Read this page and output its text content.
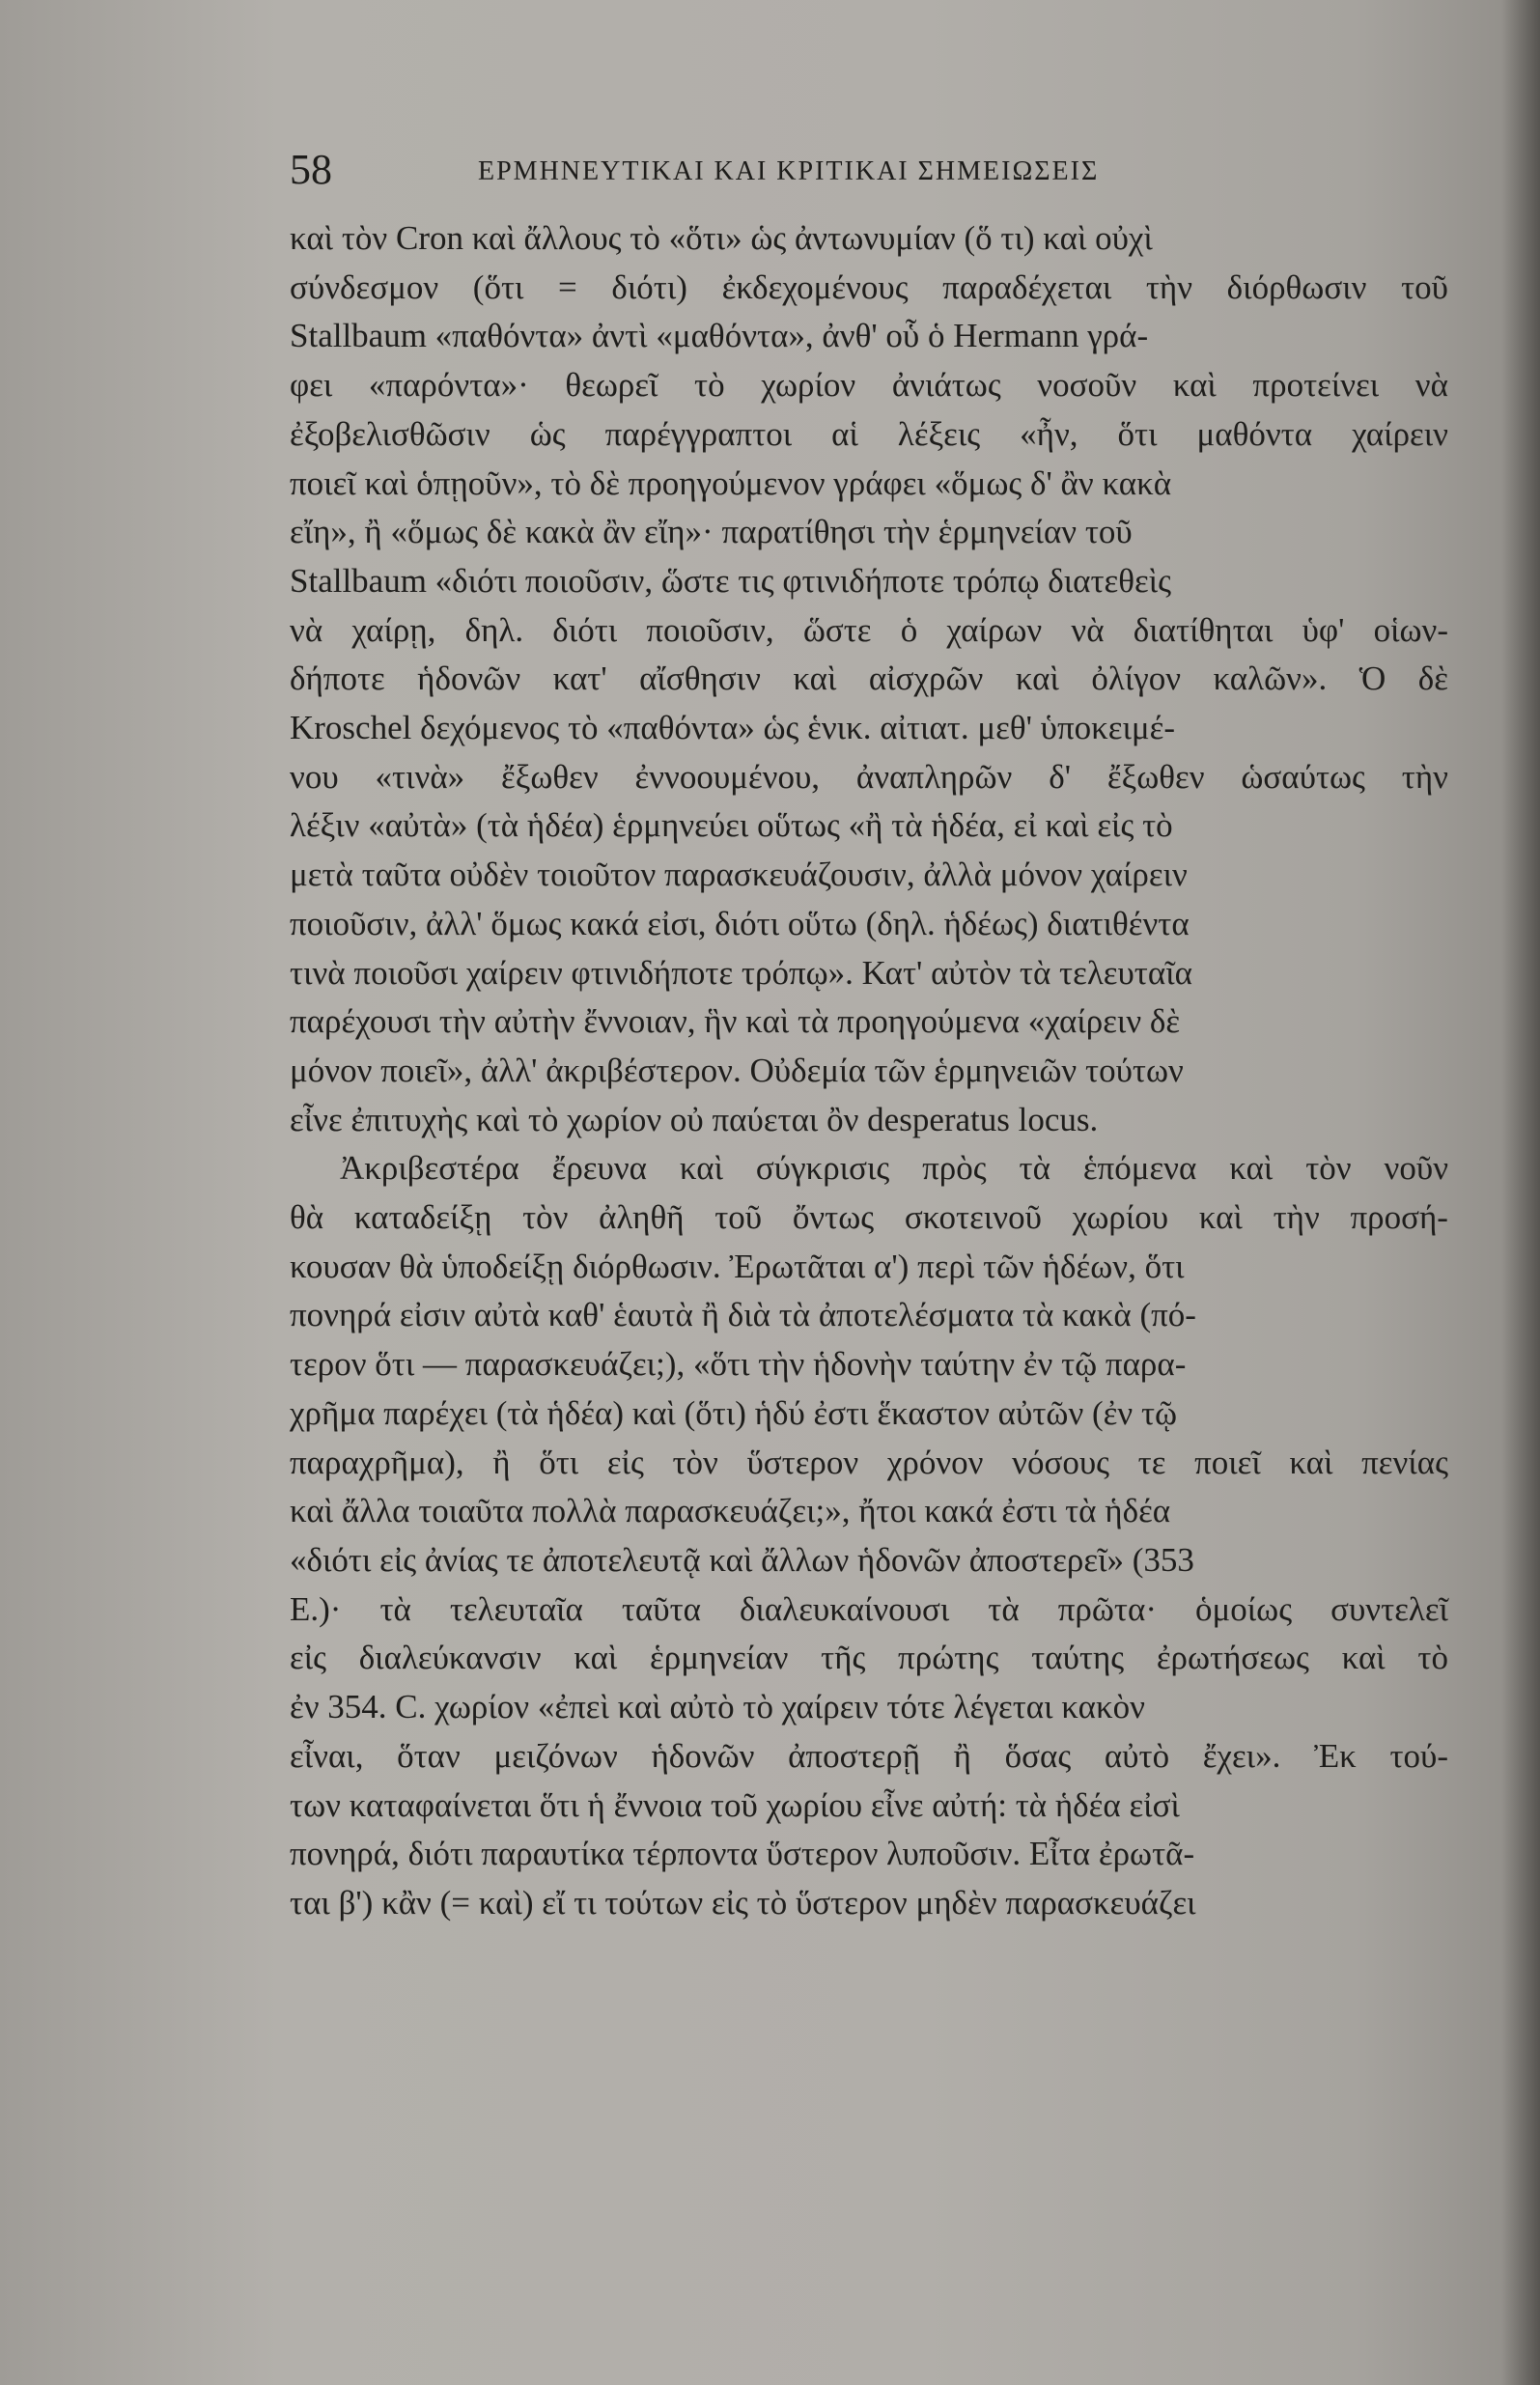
58	ΕΡΜΗΝΕΥΤΙΚΑΙ ΚΑΙ ΚΡΙΤΙΚΑΙ ΣΗΜΕΙΩΣΕΙΣ
καὶ τὸν Cron καὶ ἄλλους τὸ «ὅτι» ὡς ἀντωνυμίαν (ὅ τι) καὶ οὐχὶ
σύνδεσμον (ὅτι = διότι) ἐκδεχομένους παραδέχεται τὴν διόρθωσιν τοῦ
Stallbaum «παθόντα» ἀντὶ «μαθόντα», ἀνθ' οὗ ὁ Hermann γρά-
φει «παρόντα»· θεωρεῖ τὸ χωρίον ἀνιάτως νοσοῦν καὶ προτείνει νὰ
ἐξοβελισθῶσιν ὡς παρέγγραπτοι αἱ λέξεις «ἦν, ὅτι μαθόντα χαίρειν
ποιεῖ καὶ ὁπῃοῦν», τὸ δὲ προηγούμενον γράφει «ὅμως δ' ἂν κακὰ
εἴη», ἢ «ὅμως δὲ κακὰ ἂν εἴη»· παρατίθησι τὴν ἑρμηνείαν τοῦ
Stallbaum «διότι ποιοῦσιν, ὥστε τις φτινιδήποτε τρόπῳ διατεθεὶς
νὰ χαίρῃ, δηλ. διότι ποιοῦσιν, ὥστε ὁ χαίρων νὰ διατίθηται ὑφ' οἱων-
δήποτε ἡδονῶν κατ' αἴσθησιν καὶ αἰσχρῶν καὶ ὀλίγον καλῶν». Ὁ δὲ
Kroschel δεχόμενος τὸ «παθόντα» ὡς ἑνικ. αἰτιατ. μεθ' ὑποκειμέ-
νου «τινὰ» ἔξωθεν ἐννοουμένου, ἀναπληρῶν δ' ἔξωθεν ὡσαύτως τὴν
λέξιν «αὐτὰ» (τὰ ἡδέα) ἑρμηνεύει οὕτως «ἢ τὰ ἡδέα, εἰ καὶ εἰς τὸ
μετὰ ταῦτα οὐδὲν τοιοῦτον παρασκευάζουσιν, ἀλλὰ μόνον χαίρειν
ποιοῦσιν, ἀλλ' ὅμως κακά εἰσι, διότι οὕτω (δηλ. ἡδέως) διατιθέντα
τινὰ ποιοῦσι χαίρειν φτινιδήποτε τρόπῳ». Κατ' αὐτὸν τὰ τελευταῖα
παρέχουσι τὴν αὐτὴν ἔννοιαν, ἣν καὶ τὰ προηγούμενα «χαίρειν δὲ
μόνον ποιεῖ», ἀλλ' ἀκριβέστερον. Οὐδεμία τῶν ἑρμηνειῶν τούτων
εἶνε ἐπιτυχὴς καὶ τὸ χωρίον οὐ παύεται ὂν desperatus locus.
Ἀκριβεστέρα ἔρευνα καὶ σύγκρισις πρὸς τὰ ἑπόμενα καὶ τὸν νοῦν
θὰ καταδείξῃ τὸν ἀληθῆ τοῦ ὄντως σκοτεινοῦ χωρίου καὶ τὴν προσή-
κουσαν θὰ ὑποδείξῃ διόρθωσιν. Ἐρωτᾶται α') περὶ τῶν ἡδέων, ὅτι
πονηρά εἰσιν αὐτὰ καθ' ἑαυτὰ ἢ διὰ τὰ ἀποτελέσματα τὰ κακὰ (πό-
τερον ὅτι — παρασκευάζει;), «ὅτι τὴν ἡδονὴν ταύτην ἐν τῷ παρα-
χρῆμα παρέχει (τὰ ἡδέα) καὶ (ὅτι) ἡδύ ἐστι ἕκαστον αὐτῶν (ἐν τῷ
παραχρῆμα), ἢ ὅτι εἰς τὸν ὕστερον χρόνον νόσους τε ποιεῖ καὶ πενίας
καὶ ἄλλα τοιαῦτα πολλὰ παρασκευάζει;», ἤτοι κακά ἐστι τὰ ἡδέα
«διότι εἰς ἀνίας τε ἀποτελευτᾷ καὶ ἄλλων ἡδονῶν ἀποστερεῖ» (353
E.)· τὰ τελευταῖα ταῦτα διαλευκαίνουσι τὰ πρῶτα· ὁμοίως συντελεῖ
εἰς διαλεύκανσιν καὶ ἑρμηνείαν τῆς πρώτης ταύτης ἐρωτήσεως καὶ τὸ
ἐν 354. C. χωρίον «ἐπεὶ καὶ αὐτὸ τὸ χαίρειν τότε λέγεται κακὸν
εἶναι, ὅταν μειζόνων ἡδονῶν ἀποστερῇ ἢ ὅσας αὐτὸ ἔχει». Ἐκ τού-
των καταφαίνεται ὅτι ἡ ἔννοια τοῦ χωρίου εἶνε αὐτή: τὰ ἡδέα εἰσὶ
πονηρά, διότι παραυτίκα τέρποντα ὕστερον λυποῦσιν. Εἶτα ἐρωτᾶ-
ται β') κἂν (= καὶ) εἴ τι τούτων εἰς τὸ ὕστερον μηδὲν παρασκευάζει
